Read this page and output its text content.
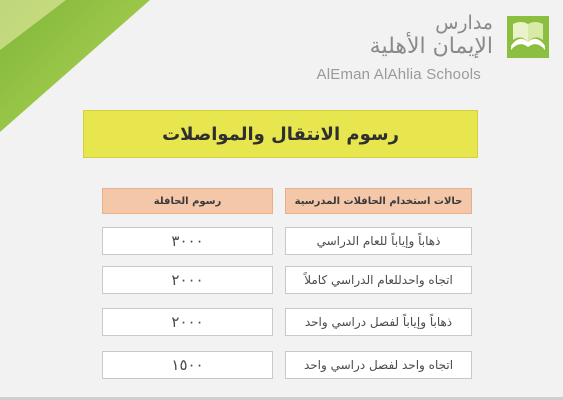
مدارس
الإيمان الأهلية
AlEman AlAhlia Schools
رسوم الانتقال والمواصلات
حالات استخدام الحافلات المدرسية
رسوم الحافلة
ذهاباً وإياباً للعام الدراسي
٣٠٠٠
اتجاه واحدللعام الدراسي كاملاً
٢٠٠٠
ذهاباً وإياباً لفصل دراسي واحد
٢٠٠٠
اتجاه واحد لفصل دراسي واحد
١٥٠٠
